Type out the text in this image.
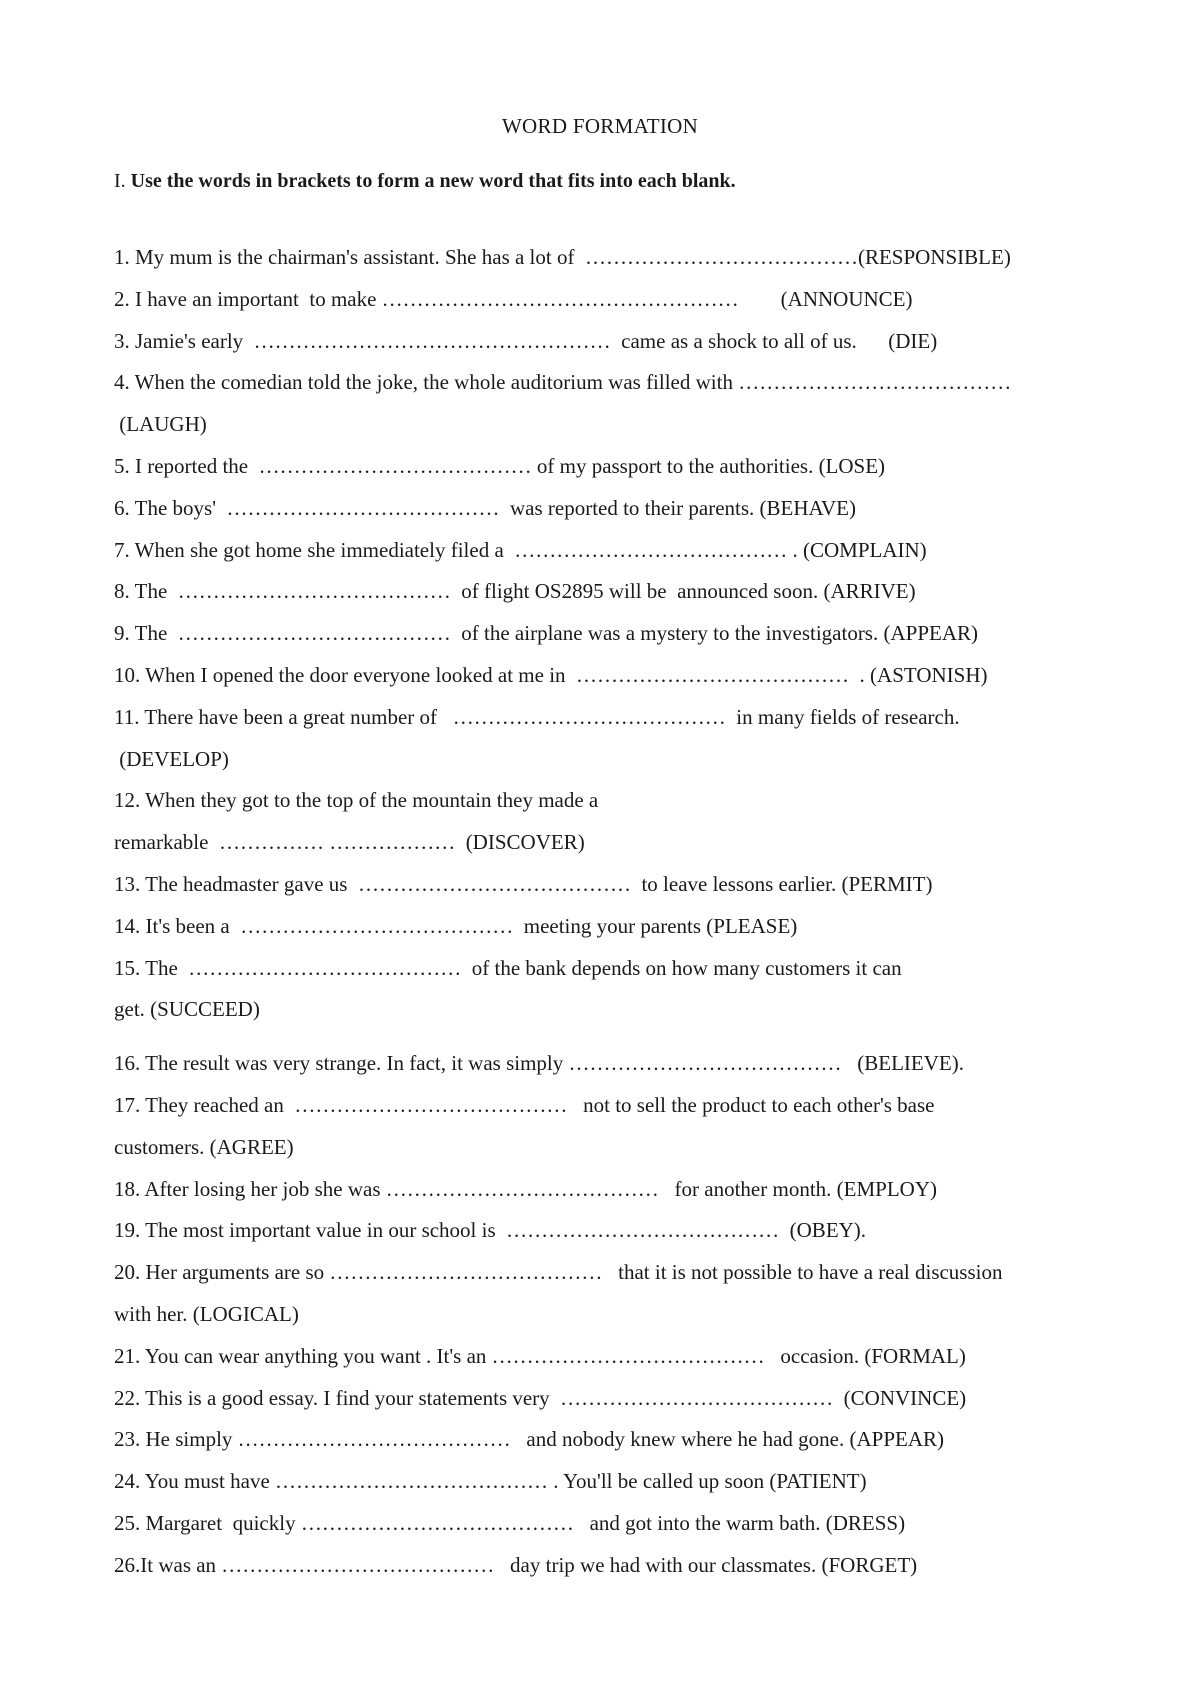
WORD FORMATION
I. Use the words in brackets to form a new word that fits into each blank.
1. My mum is the chairman's assistant. She has a lot of  …………………………………(RESPONSIBLE)
2. I have an important  to make ……………………………………………        (ANNOUNCE)
3. Jamie's early  ……………………………………………  came as a shock to all of us.      (DIE)
4. When the comedian told the joke, the whole auditorium was filled with …………………………………
(LAUGH)
5. I reported the  ………………………………… of my passport to the authorities. (LOSE)
6. The boys'  …………………………………  was reported to their parents. (BEHAVE)
7. When she got home she immediately filed a  ………………………………… . (COMPLAIN)
8. The  …………………………………  of flight OS2895 will be  announced soon. (ARRIVE)
9. The  …………………………………  of the airplane was a mystery to the investigators. (APPEAR)
10. When I opened the door everyone looked at me in  …………………………………  . (ASTONISH)
11. There have been a great number of   …………………………………  in many fields of research.
(DEVELOP)
12. When they got to the top of the mountain they made a
remarkable  …………… ………………  (DISCOVER)
13. The headmaster gave us  …………………………………  to leave lessons earlier. (PERMIT)
14. It's been a  …………………………………  meeting your parents (PLEASE)
15. The  …………………………………  of the bank depends on how many customers it can
get. (SUCCEED)
16. The result was very strange. In fact, it was simply …………………………………   (BELIEVE).
17. They reached an  …………………………………   not to sell the product to each other's base
customers. (AGREE)
18. After losing her job she was …………………………………   for another month. (EMPLOY)
19. The most important value in our school is  …………………………………  (OBEY).
20. Her arguments are so …………………………………   that it is not possible to have a real discussion
with her. (LOGICAL)
21. You can wear anything you want . It's an …………………………………   occasion. (FORMAL)
22. This is a good essay. I find your statements very  …………………………………  (CONVINCE)
23. He simply …………………………………   and nobody knew where he had gone. (APPEAR)
24. You must have ………………………………… . You'll be called up soon (PATIENT)
25. Margaret  quickly …………………………………   and got into the warm bath. (DRESS)
26.It was an …………………………………   day trip we had with our classmates. (FORGET)
